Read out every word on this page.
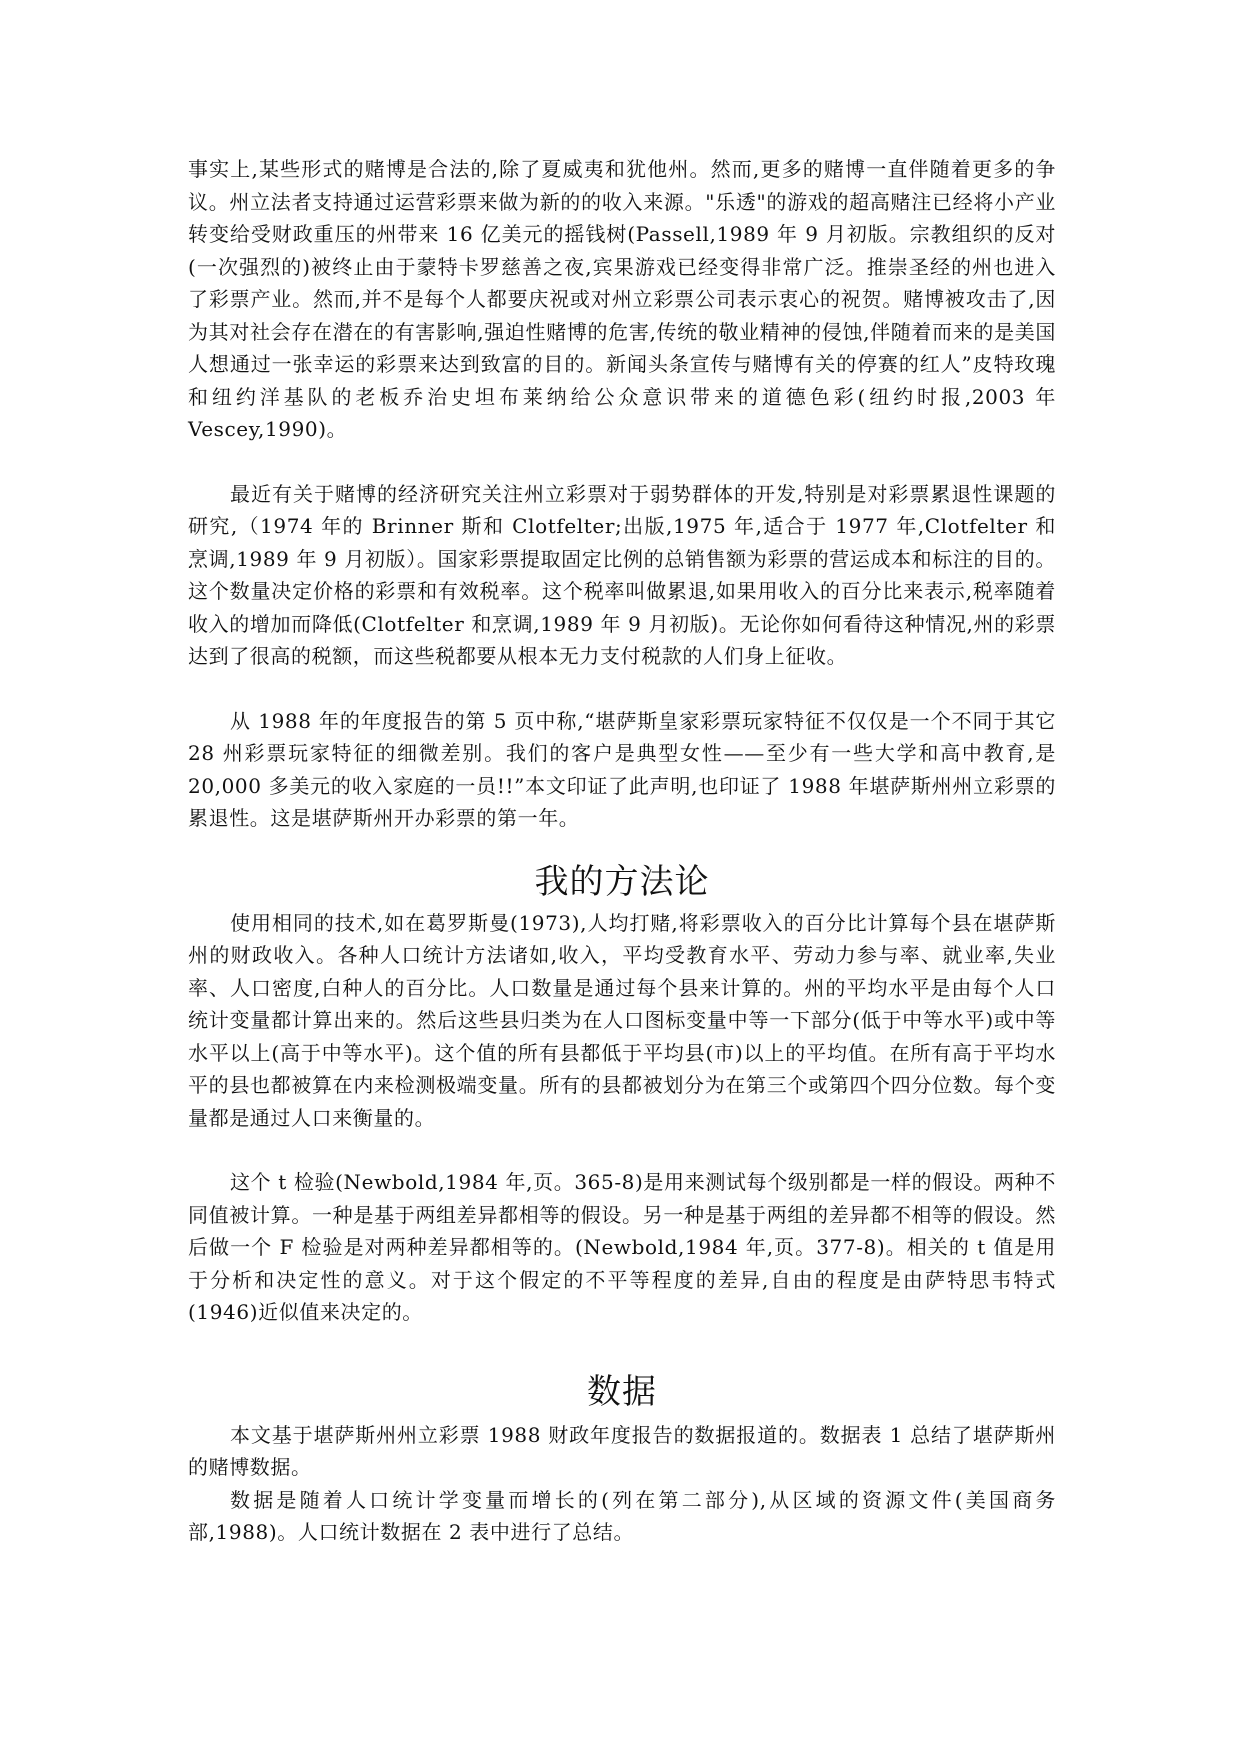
事实上,某些形式的赌博是合法的,除了夏威夷和犹他州。然而,更多的赌博一直伴随着更多的争议。州立法者支持通过运营彩票来做为新的的收入来源。"乐透"的游戏的超高赌注已经将小产业转变给受财政重压的州带来 16 亿美元的摇钱树(Passell,1989 年 9 月初版。宗教组织的反对(一次强烈的)被终止由于蒙特卡罗慈善之夜,宾果游戏已经变得非常广泛。推崇圣经的州也进入了彩票产业。然而,并不是每个人都要庆祝或对州立彩票公司表示衷心的祝贺。赌博被攻击了,因为其对社会存在潜在的有害影响,强迫性赌博的危害,传统的敬业精神的侵蚀,伴随着而来的是美国人想通过一张幸运的彩票来达到致富的目的。新闻头条宣传与赌博有关的停赛的红人”皮特玫瑰和纽约洋基队的老板乔治史坦布莱纳给公众意识带来的道德色彩(纽约时报,2003 年 Vescey,1990)。

最近有关于赌博的经济研究关注州立彩票对于弱势群体的开发,特别是对彩票累退性课题的研究,（1974 年的 Brinner 斯和 Clotfelter;出版,1975 年,适合于 1977 年,Clotfelter 和烹调,1989 年 9 月初版）。国家彩票提取固定比例的总销售额为彩票的营运成本和标注的目的。这个数量决定价格的彩票和有效税率。这个税率叫做累退,如果用收入的百分比来表示,税率随着收入的增加而降低(Clotfelter 和烹调,1989 年 9 月初版)。无论你如何看待这种情况,州的彩票达到了很高的税额，而这些税都要从根本无力支付税款的人们身上征收。

从 1988 年的年度报告的第 5 页中称,“堪萨斯皇家彩票玩家特征不仅仅是一个不同于其它 28 州彩票玩家特征的细微差别。我们的客户是典型女性——至少有一些大学和高中教育,是 20,000 多美元的收入家庭的一员!!”本文印证了此声明,也印证了 1988 年堪萨斯州州立彩票的累退性。这是堪萨斯州开办彩票的第一年。

我的方法论

使用相同的技术,如在葛罗斯曼(1973),人均打赌,将彩票收入的百分比计算每个县在堪萨斯州的财政收入。各种人口统计方法诸如,收入，平均受教育水平、劳动力参与率、就业率,失业率、人口密度,白种人的百分比。人口数量是通过每个县来计算的。州的平均水平是由每个人口统计变量都计算出来的。然后这些县归类为在人口图标变量中等一下部分(低于中等水平)或中等水平以上(高于中等水平)。这个值的所有县都低于平均县(市)以上的平均值。在所有高于平均水平的县也都被算在内来检测极端变量。所有的县都被划分为在第三个或第四个四分位数。每个变量都是通过人口来衡量的。

这个 t 检验(Newbold,1984 年,页。365-8)是用来测试每个级别都是一样的假设。两种不同值被计算。一种是基于两组差异都相等的假设。另一种是基于两组的差异都不相等的假设。然后做一个 F 检验是对两种差异都相等的。(Newbold,1984 年,页。377-8)。相关的 t 值是用于分析和决定性的意义。对于这个假定的不平等程度的差异,自由的程度是由萨特思韦特式(1946)近似值来决定的。

数据

本文基于堪萨斯州州立彩票 1988 财政年度报告的数据报道的。数据表 1 总结了堪萨斯州的赌博数据。

数据是随着人口统计学变量而增长的(列在第二部分),从区域的资源文件(美国商务部,1988)。人口统计数据在 2 表中进行了总结。
